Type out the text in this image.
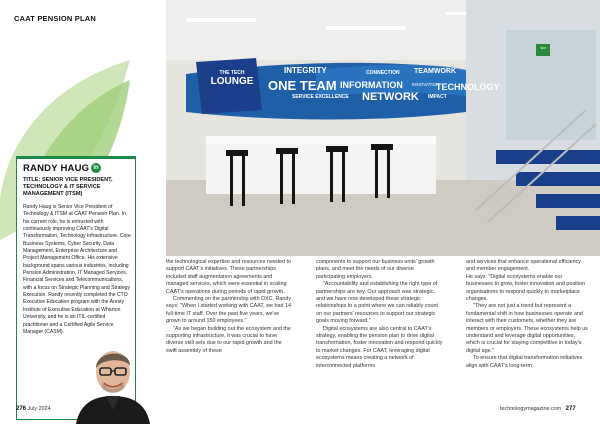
CAAT PENSION PLAN
THE TECH
LOUNGE
INTEGRITY	CONNECTION TEAMWORK
ONE TEAM INFORMATION INNOVATION
TECHNOLOGY
SERVICE EXCELLENCE NETWORK IMPACT
⇦
RANDY HAUG in
TITLE: SENIOR VICE PRESIDENT, TECHNOLOGY & IT SERVICE MANAGEMENT (ITSM)
Randy Haug is Senior Vice President of Technology & ITSM at CAAT Pension Plan. In his current role, he is entrusted with continuously improving CAAT's Digital Transformation, Technology Infrastructure, Core Business Systems, Cyber Security, Data Management, Enterprise Architecture and Project Management Office. His extensive background spans various industries, including Pension Administration, IT Managed Services, Financial Services and Telecommunications, with a focus on Strategic Planning and Strategy Execution. Randy recently completed the CTO Executive Education program with the Aresty Institute of Executive Education at Wharton University, and he is an ITIL-certified practitioner and a Certified Agile Service Manager (CASM).

the technological expertise and resources needed to support CAAT's initiatives. These partnerships included staff augmentation agreements and managed services, which were essential in scaling CAAT's operations during periods of rapid growth.

Commenting on the partnership with DXC, Randy says: "When I started working with CAAT, we had 14 full-time IT staff. Over the past five years, we've grown to around 150 employees."

"As we began building out the ecosystem and the supporting infrastructure, it was crucial to have diverse skill sets due to our rapid growth and the swift assembly of these

components to support our business units' growth plans, and meet the needs of our diverse participating employers.

"Accountability and establishing the right type of partnerships are key. Our approach was strategic, and we have now developed these strategic relationships to a point where we can reliably count on our partners' resources to support our strategic goals moving forward."

Digital ecosystems are also central to CAAT's strategy, enabling the pension plan to drive digital transformation, foster innovation and respond quickly to market changes. For CAAT, leveraging digital ecosystems means creating a network of interconnected platforms

and services that enhance operational efficiency and member engagement.

He says: "Digital ecosystems enable our businesses to grow, foster innovation and position organisations to respond quickly to marketplace changes.

"They are not just a trend but represent a fundamental shift in how businesses operate and interact with their customers, whether they are members or employers. These ecosystems help us understand and leverage digital opportunities, which is crucial for staying competitive in today's digital age."

To ensure that digital transformation initiatives align with CAAT's long-term

276 July 2024	technologymagazine.com 277
